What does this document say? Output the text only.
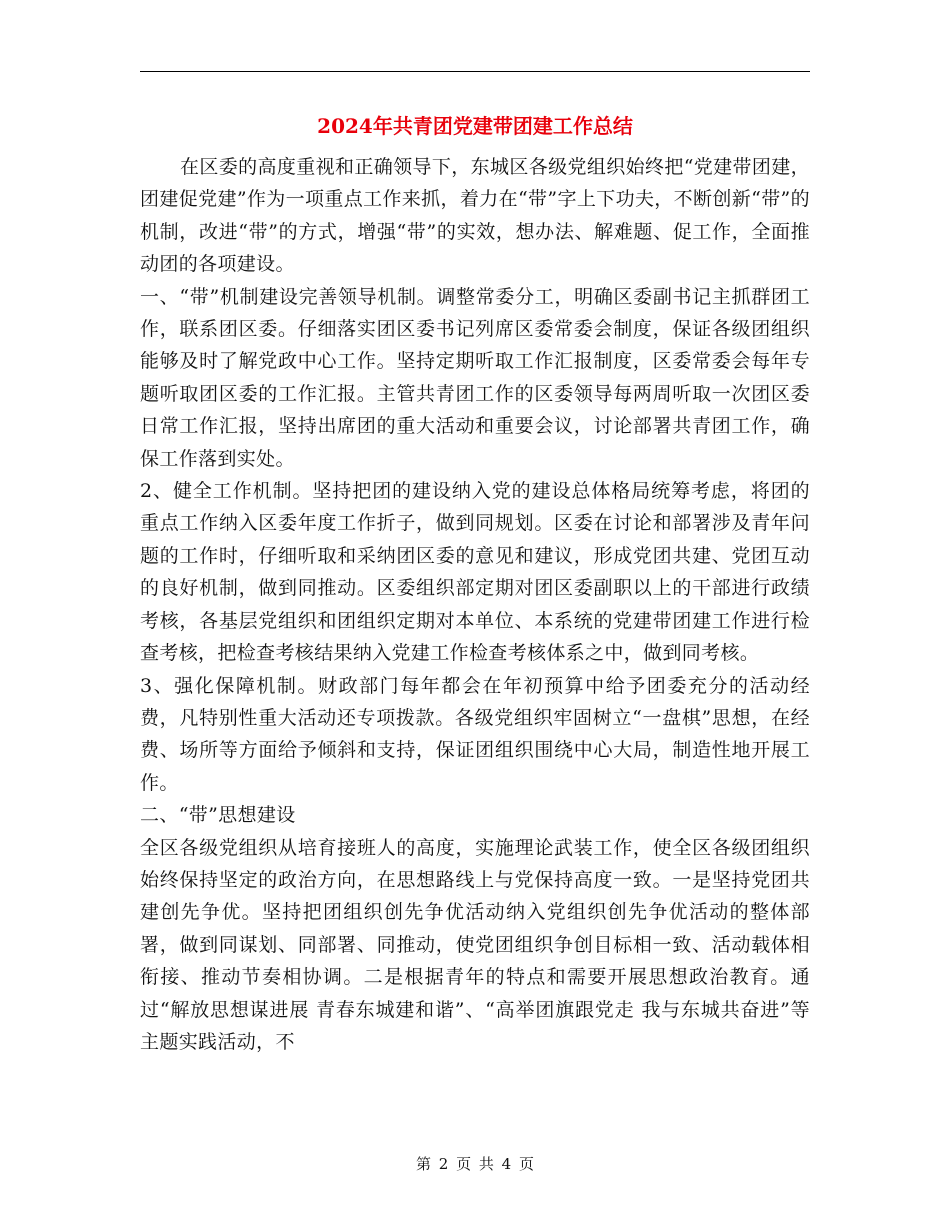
2024年共青团党建带团建工作总结

在区委的高度重视和正确领导下，东城区各级党组织始终把“党建带团建，团建促党建”作为一项重点工作来抓，着力在“带”字上下功夫，不断创新“带”的机制，改进“带”的方式，增强“带”的实效，想办法、解难题、促工作，全面推动团的各项建设。

一、“带”机制建设完善领导机制。调整常委分工，明确区委副书记主抓群团工作，联系团区委。仔细落实团区委书记列席区委常委会制度，保证各级团组织能够及时了解党政中心工作。坚持定期听取工作汇报制度，区委常委会每年专题听取团区委的工作汇报。主管共青团工作的区委领导每两周听取一次团区委日常工作汇报，坚持出席团的重大活动和重要会议，讨论部署共青团工作，确保工作落到实处。

2、健全工作机制。坚持把团的建设纳入党的建设总体格局统筹考虑，将团的重点工作纳入区委年度工作折子，做到同规划。区委在讨论和部署涉及青年问题的工作时，仔细听取和采纳团区委的意见和建议，形成党团共建、党团互动的良好机制，做到同推动。区委组织部定期对团区委副职以上的干部进行政绩考核，各基层党组织和团组织定期对本单位、本系统的党建带团建工作进行检查考核，把检查考核结果纳入党建工作检查考核体系之中，做到同考核。

3、强化保障机制。财政部门每年都会在年初预算中给予团委充分的活动经费，凡特别性重大活动还专项拨款。各级党组织牢固树立“一盘棋”思想，在经费、场所等方面给予倾斜和支持，保证团组织围绕中心大局，制造性地开展工作。

二、“带”思想建设

全区各级党组织从培育接班人的高度，实施理论武装工作，使全区各级团组织始终保持坚定的政治方向，在思想路线上与党保持高度一致。一是坚持党团共建创先争优。坚持把团组织创先争优活动纳入党组织创先争优活动的整体部署，做到同谋划、同部署、同推动，使党团组织争创目标相一致、活动载体相衔接、推动节奏相协调。二是根据青年的特点和需要开展思想政治教育。通过“解放思想谋进展 青春东城建和谐”、“高举团旗跟党走 我与东城共奋进”等主题实践活动，不

第 2 页 共 4 页
